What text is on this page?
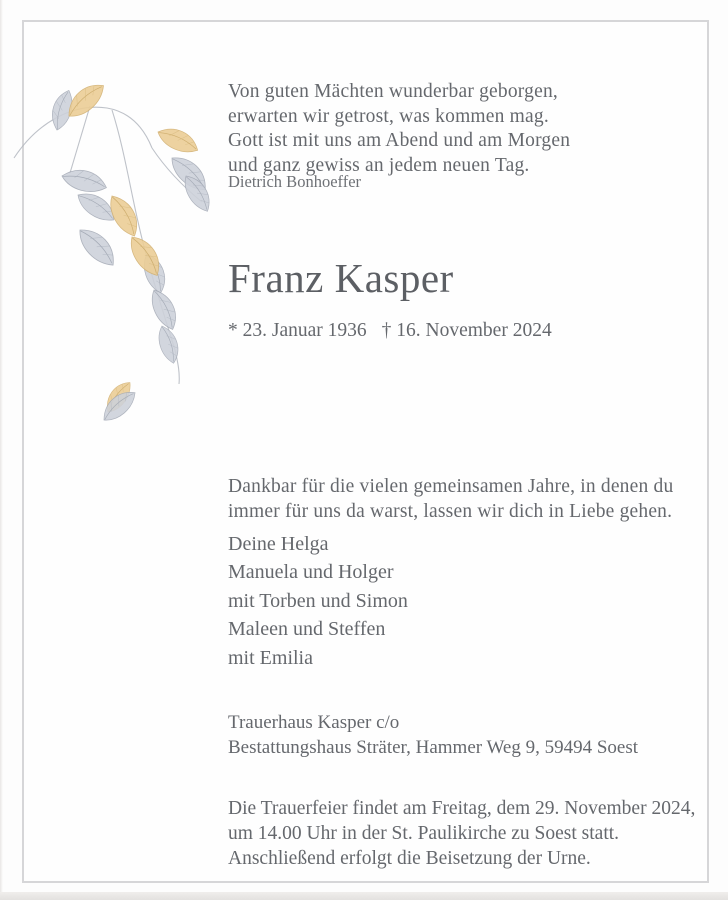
Von guten Mächten wunderbar geborgen,
erwarten wir getrost, was kommen mag.
Gott ist mit uns am Abend und am Morgen
und ganz gewiss an jedem neuen Tag.
Dietrich Bonhoeffer
Franz Kasper
* 23. Januar 1936 † 16. November 2024
Dankbar für die vielen gemeinsamen Jahre, in denen du
immer für uns da warst, lassen wir dich in Liebe gehen.
Deine Helga
Manuela und Holger
mit Torben und Simon
Maleen und Steffen
mit Emilia
Trauerhaus Kasper c/o
Bestattungshaus Sträter, Hammer Weg 9, 59494 Soest
Die Trauerfeier findet am Freitag, dem 29. November 2024,
um 14.00 Uhr in der St. Paulikirche zu Soest statt.
Anschließend erfolgt die Beisetzung der Urne.
